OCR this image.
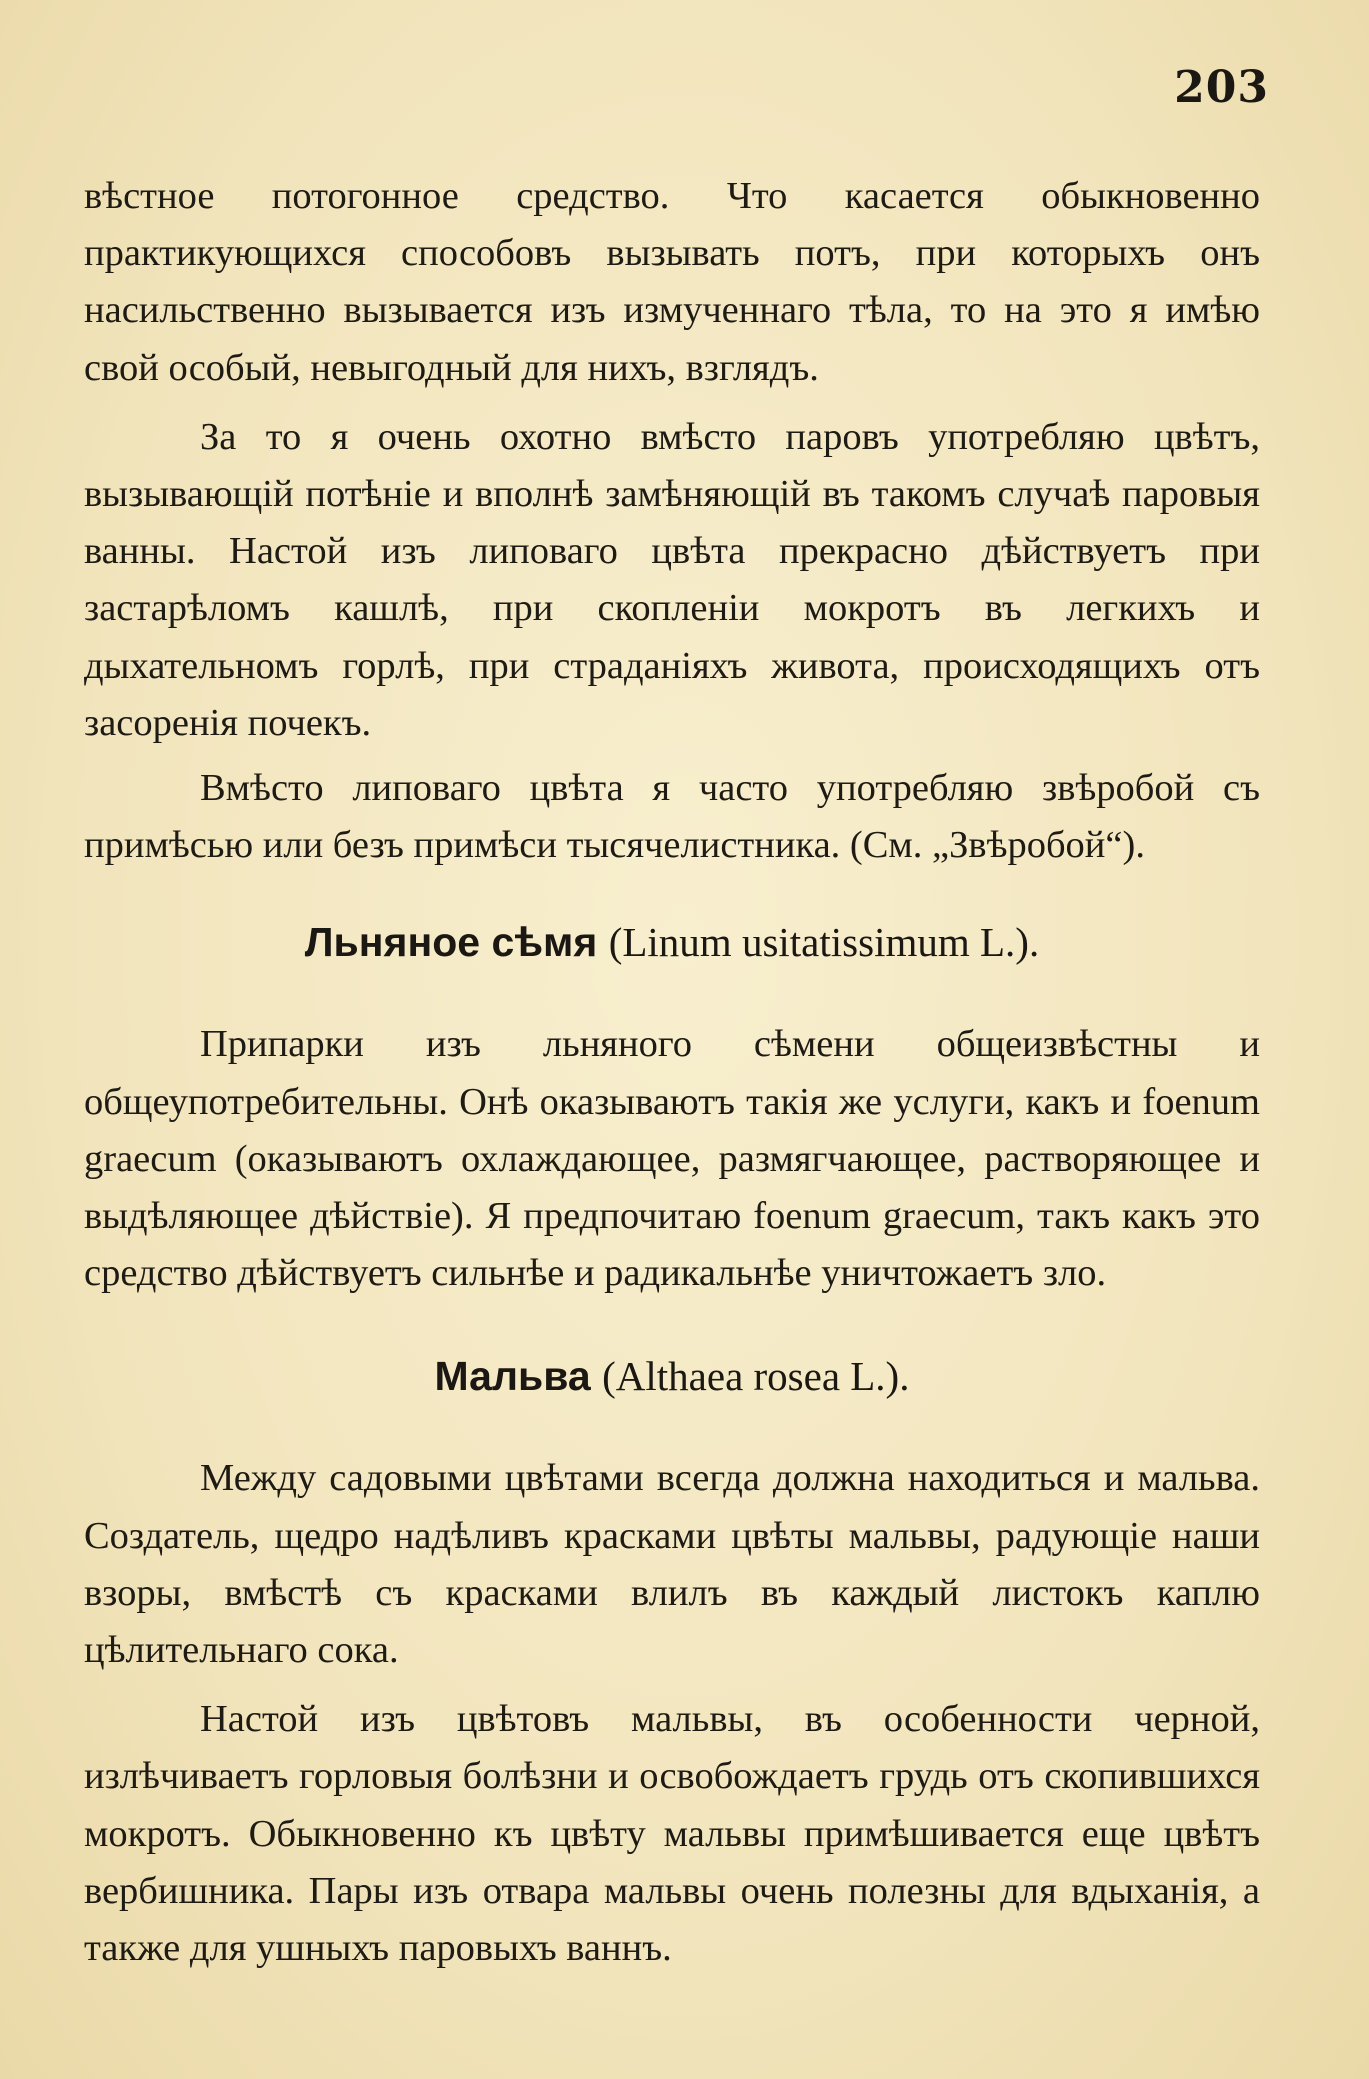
203

вѣстное потогонное средство. Что касается обыкновенно практикующихся способовъ вызывать потъ, при которыхъ онъ насильственно вызывается изъ измученнаго тѣла, то на это я имѣю свой особый, невыгодный для нихъ, взглядъ.

За то я очень охотно вмѣсто паровъ употребляю цвѣтъ, вызывающій потѣніе и вполнѣ замѣняющій въ такомъ случаѣ паровыя ванны. Настой изъ липоваго цвѣта прекрасно дѣйствуетъ при застарѣломъ кашлѣ, при скопленіи мокротъ въ легкихъ и дыхательномъ горлѣ, при страданіяхъ живота, происходящихъ отъ засоренія почекъ.

Вмѣсто липоваго цвѣта я часто употребляю звѣробой съ примѣсью или безъ примѣси тысячелистника. (См. „Звѣробой“).

Льняное сѣмя (Linum usitatissimum L.).

Припарки изъ льняного сѣмени общеизвѣстны и общеупотребительны. Онѣ оказываютъ такія же услуги, какъ и foenum graecum (оказываютъ охлаждающее, размягчающее, растворяющее и выдѣляющее дѣйствіе). Я предпочитаю foenum graecum, такъ какъ это средство дѣйствуетъ сильнѣе и радикальнѣе уничтожаетъ зло.

Мальва (Althaea rosea L.).

Между садовыми цвѣтами всегда должна находиться и мальва. Создатель, щедро надѣливъ красками цвѣты мальвы, радующіе наши взоры, вмѣстѣ съ красками влилъ въ каждый листокъ каплю цѣлительнаго сока.

Настой изъ цвѣтовъ мальвы, въ особенности черной, излѣчиваетъ горловыя болѣзни и освобождаетъ грудь отъ скопившихся мокротъ. Обыкновенно къ цвѣту мальвы примѣшивается еще цвѣтъ вербишника. Пары изъ отвара мальвы очень полезны для вдыханія, а также для ушныхъ паровыхъ ваннъ.
